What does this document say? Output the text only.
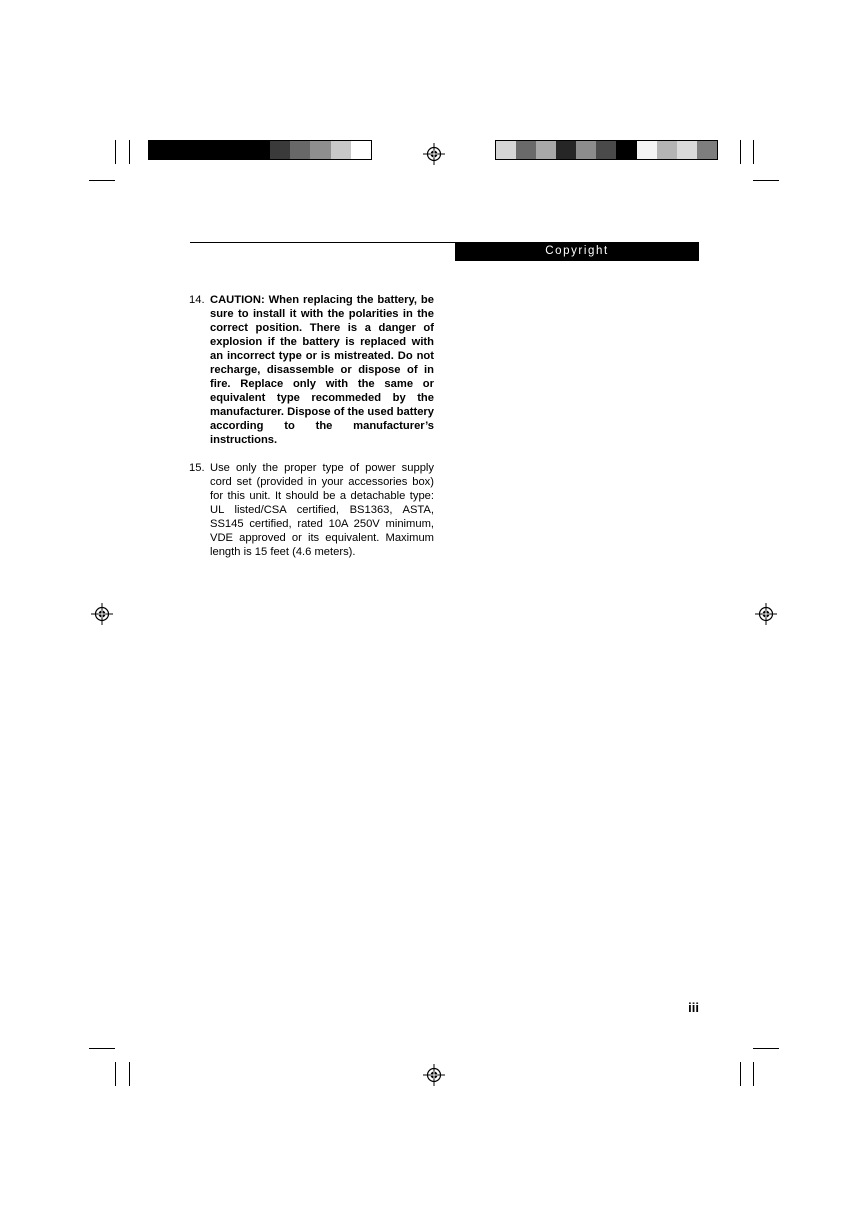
Copyright
14. CAUTION: When replacing the battery, be sure to install it with the polarities in the correct position. There is a danger of explosion if the battery is replaced with an incorrect type or is mistreated. Do not recharge, disassemble or dispose of in fire. Replace only with the same or equivalent type recommeded by the manufacturer. Dispose of the used battery according to the manufacturer’s instructions.
15. Use only the proper type of power supply cord set (provided in your accessories box) for this unit. It should be a detachable type: UL listed/CSA certified, BS1363, ASTA, SS145 certified, rated 10A 250V minimum, VDE approved or its equivalent. Maximum length is 15 feet (4.6 meters).
iii
